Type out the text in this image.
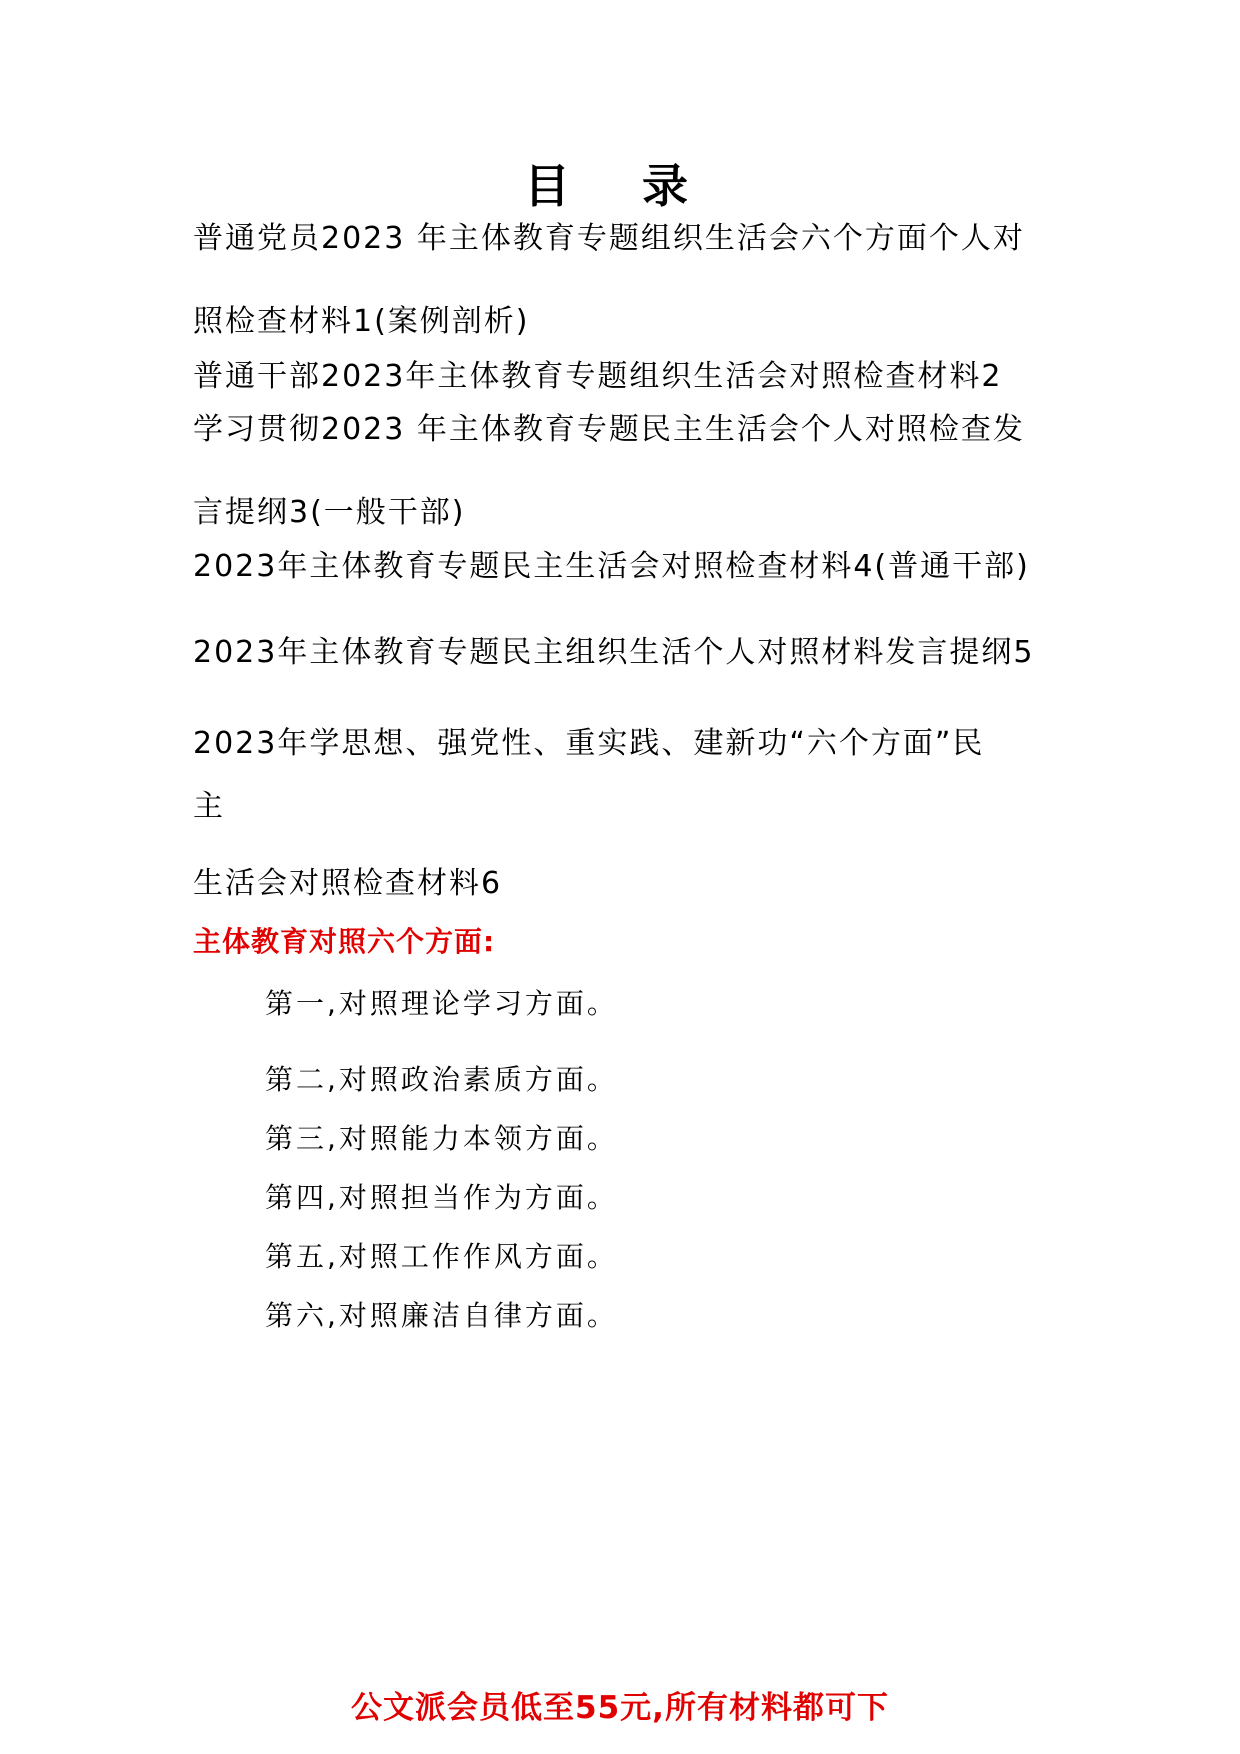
目 录
普通党员2023 年主体教育专题组织生活会六个方面个人对
照检查材料1(案例剖析)
普通干部2023年主体教育专题组织生活会对照检查材料2
学习贯彻2023 年主体教育专题民主生活会个人对照检查发
言提纲3(一般干部)
2023年主体教育专题民主生活会对照检查材料4(普通干部)
2023年主体教育专题民主组织生活个人对照材料发言提纲5
2023年学思想、强党性、重实践、建新功“六个方面”民
主
生活会对照检查材料6
主体教育对照六个方面:
第一,对照理论学习方面。
第二,对照政治素质方面。
第三,对照能力本领方面。
第四,对照担当作为方面。
第五,对照工作作风方面。
第六,对照廉洁自律方面。
公文派会员低至55元,所有材料都可下
